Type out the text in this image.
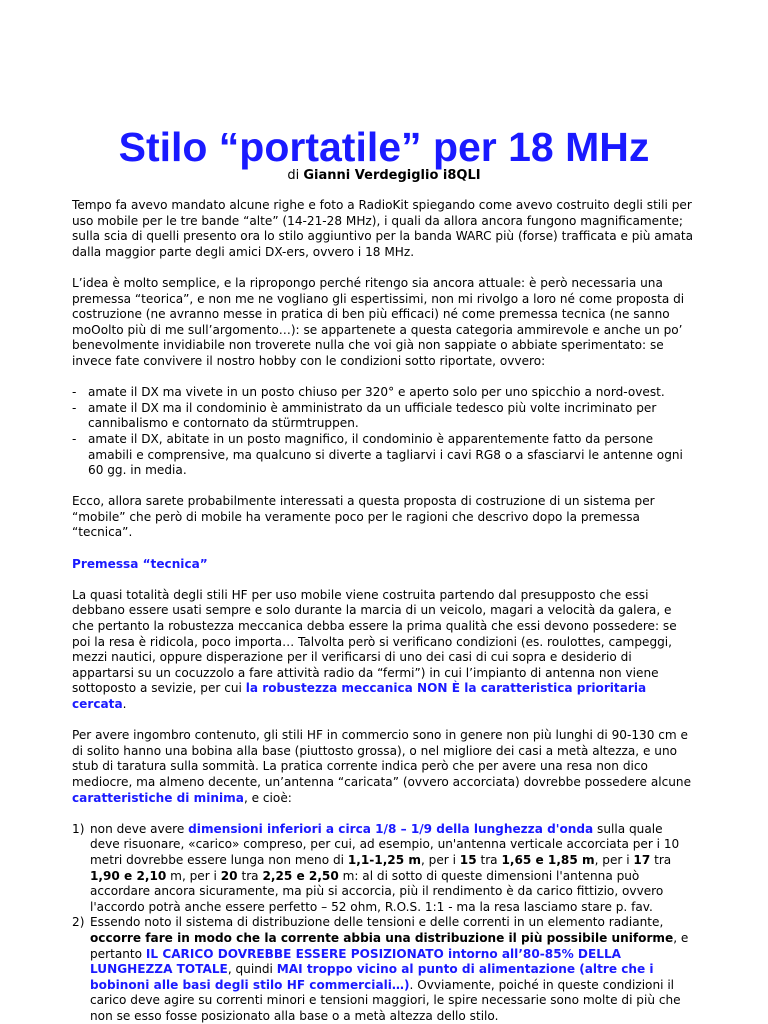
Stilo “portatile” per 18 MHz
di Gianni Verdegiglio i8QLI

Tempo fa avevo mandato alcune righe e foto a RadioKit spiegando come avevo costruito degli stili per uso mobile per le tre bande “alte” (14-21-28 MHz), i quali da allora ancora fungono magnificamente; sulla scia di quelli presento ora lo stilo aggiuntivo per la banda WARC più (forse) trafficata e più amata dalla maggior parte degli amici DX-ers, ovvero i 18 MHz.

L’idea è molto semplice, e la ripropongo perché ritengo sia ancora attuale: è però necessaria una premessa “teorica”, e non me ne vogliano gli espertissimi, non mi rivolgo a loro né come proposta di costruzione (ne avranno messe in pratica di ben più efficaci) né come premessa tecnica (ne sanno moOolto più di me sull’argomento…): se appartenete a questa categoria ammirevole e anche un po’ benevolmente invidiabile non troverete nulla che voi già non sappiate o abbiate sperimentato: se invece fate convivere il nostro hobby con le condizioni sotto riportate, ovvero:

- amate il DX ma vivete in un posto chiuso per 320° e aperto solo per uno spicchio a nord-ovest.
- amate il DX ma il condominio è amministrato da un ufficiale tedesco più volte incriminato per cannibalismo e contornato da stürmtruppen.
- amate il DX, abitate in un posto magnifico, il condominio è apparentemente fatto da persone amabili e comprensive, ma qualcuno si diverte a tagliarvi i cavi RG8 o a sfasciarvi le antenne ogni 60 gg. in media.

Ecco, allora sarete probabilmente interessati a questa proposta di costruzione di un sistema per “mobile” che però di mobile ha veramente poco per le ragioni che descrivo dopo la premessa “tecnica”.

Premessa “tecnica”

La quasi totalità degli stili HF per uso mobile viene costruita partendo dal presupposto che essi debbano essere usati sempre e solo durante la marcia di un veicolo, magari a velocità da galera, e che pertanto la robustezza meccanica debba essere la prima qualità che essi devono possedere: se poi la resa è ridicola, poco importa… Talvolta però si verificano condizioni (es. roulottes, campeggi, mezzi nautici, oppure disperazione per il verificarsi di uno dei casi di cui sopra e desiderio di appartarsi su un cocuzzolo a fare attività radio da “fermi”) in cui l’impianto di antenna non viene sottoposto a sevizie, per cui la robustezza meccanica NON È la caratteristica prioritaria cercata.

Per avere ingombro contenuto, gli stili HF in commercio sono in genere non più lunghi di 90-130 cm e di solito hanno una bobina alla base (piuttosto grossa), o nel migliore dei casi a metà altezza, e uno stub di taratura sulla sommità. La pratica corrente indica però che per avere una resa non dico mediocre, ma almeno decente, un’antenna “caricata” (ovvero accorciata) dovrebbe possedere alcune caratteristiche di minima, e cioè:

1) non deve avere dimensioni inferiori a circa 1/8 – 1/9 della lunghezza d'onda sulla quale deve risuonare, «carico» compreso, per cui, ad esempio, un'antenna verticale accorciata per i 10 metri dovrebbe essere lunga non meno di 1,1-1,25 m, per i 15 tra 1,65 e 1,85 m, per i 17 tra 1,90 e 2,10 m, per i 20 tra 2,25 e 2,50 m: al di sotto di queste dimensioni l'antenna può accordare ancora sicuramente, ma più si accorcia, più il rendimento è da carico fittizio, ovvero l'accordo potrà anche essere perfetto – 52 ohm, R.O.S. 1:1 - ma la resa lasciamo stare p. fav.
2) Essendo noto il sistema di distribuzione delle tensioni e delle correnti in un elemento radiante, occorre fare in modo che la corrente abbia una distribuzione il più possibile uniforme, e pertanto IL CARICO DOVREBBE ESSERE POSIZIONATO intorno all’80-85% DELLA LUNGHEZZA TOTALE, quindi MAI troppo vicino al punto di alimentazione (altre che i bobinoni alle basi degli stilo HF commerciali…). Ovviamente, poiché in queste condizioni il carico deve agire su correnti minori e tensioni maggiori, le spire necessarie sono molte di più che non se esso fosse posizionato alla base o a metà altezza dello stilo.
